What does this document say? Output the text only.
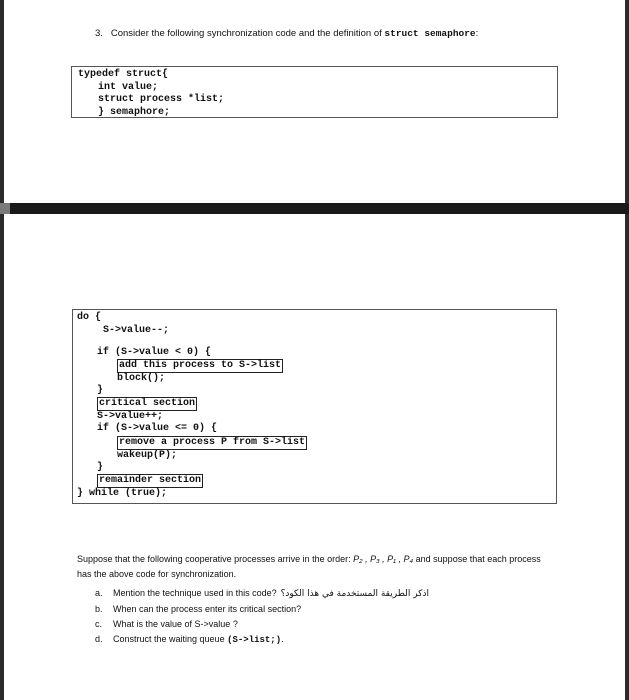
3. Consider the following synchronization code and the definition of struct semaphore:
typedef struct{
int value;
struct process *list;
} semaphore;
do {
S->value--;
if (S->value < 0) {
add this process to S->list
block();
}
critical section
S->value++;
if (S->value <= 0) {
remove a process P from S->list
wakeup(P);
}
remainder section
} while (true);
Suppose that the following cooperative processes arrive in the order: P₂ , P₃ , P₁ , P₄ and suppose that each process has the above code for synchronization.
a. Mention the technique used in this code? اذكر الطريقة المستخدمة في هذا الكود؟
b. When can the process enter its critical section?
c. What is the value of S->value ?
d. Construct the waiting queue (S->list;).
